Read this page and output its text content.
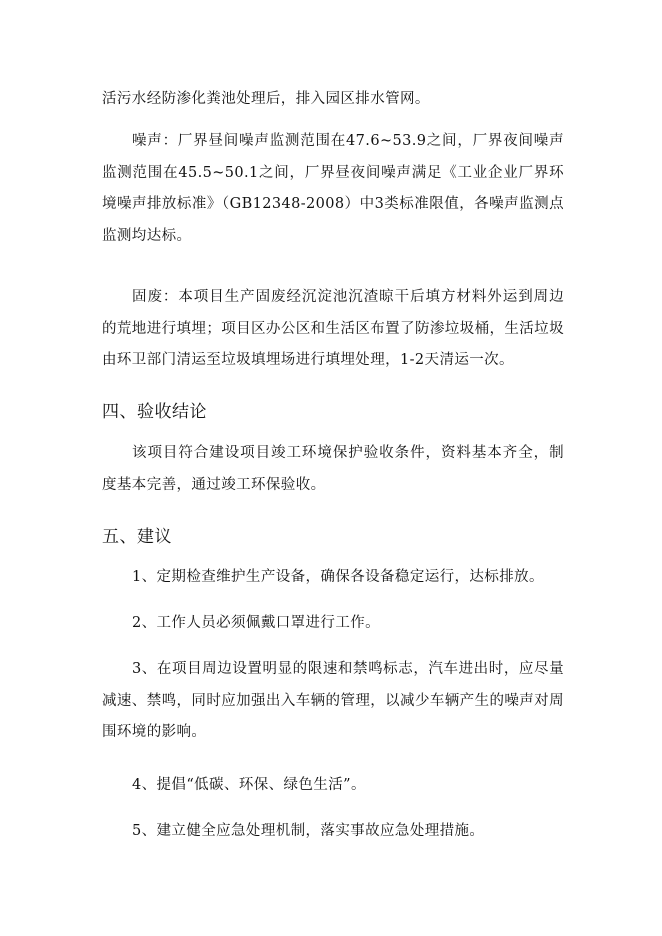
活污水经防渗化粪池处理后，排入园区排水管网。

噪声：厂界昼间噪声监测范围在47.6~53.9之间，厂界夜间噪声监测范围在45.5~50.1之间，厂界昼夜间噪声满足《工业企业厂界环境噪声排放标准》（GB12348-2008）中3类标准限值，各噪声监测点监测均达标。

固废：本项目生产固废经沉淀池沉渣晾干后填方材料外运到周边的荒地进行填埋；项目区办公区和生活区布置了防渗垃圾桶，生活垃圾由环卫部门清运至垃圾填埋场进行填埋处理，1-2天清运一次。

四、验收结论

该项目符合建设项目竣工环境保护验收条件，资料基本齐全，制度基本完善，通过竣工环保验收。

五、建议

1、定期检查维护生产设备，确保各设备稳定运行，达标排放。

2、工作人员必须佩戴口罩进行工作。

3、在项目周边设置明显的限速和禁鸣标志，汽车进出时，应尽量减速、禁鸣，同时应加强出入车辆的管理，以减少车辆产生的噪声对周围环境的影响。

4、提倡“低碳、环保、绿色生活”。

5、建立健全应急处理机制，落实事故应急处理措施。
